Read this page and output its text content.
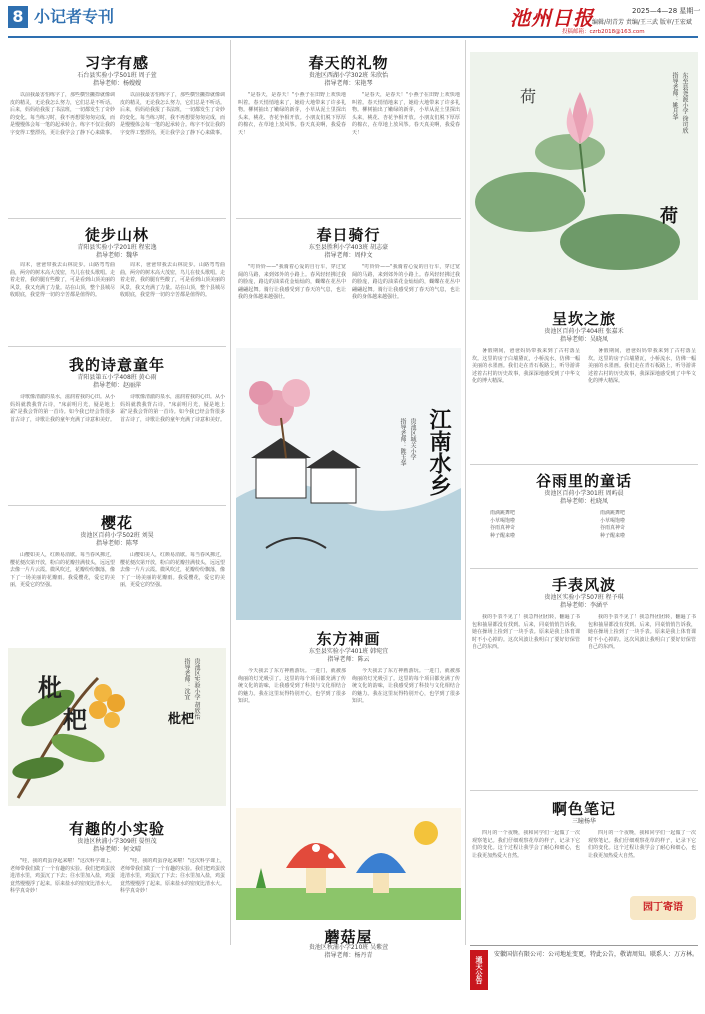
8 小记者专刊	池州日报	2025—4—28 星期一
编辑/胡青芳 责编/王三武 版审/王宏斌
投稿邮箱：czrb2018@163.com
习字有感
石台县实验小学501班 周子萱
指导老师：杨嫂嫂
以前我最害怕练字了，那些横竖撇捺就像调皮的精灵，无论我怎么努力，它们总是不听话。后来，妈妈给我报了书法班，一切都发生了奇妙的变化。每当练习时，我不再想要匆匆完成，而是慢慢体会每一笔的起承转合。练字不仅让我的字变得工整漂亮，更让我学会了静下心来做事。
以前我最害怕练字了，那些横竖撇捺就像调皮的精灵，无论我怎么努力，它们总是不听话。后来，妈妈给我报了书法班，一切都发生了奇妙的变化。每当练习时，我不再想要匆匆完成，而是慢慢体会每一笔的起承转合。练字不仅让我的字变得工整漂亮，更让我学会了静下心来做事。
徒步山林
青阳县实验小学201班 程宏逸
指导老师：魏华
周末，爸爸带我去山林徒步。山路弯弯曲曲，两旁的树木高大茂密，鸟儿在枝头歌唱。走着走着，我的腿有些酸了，可是看到山顶美丽的风景，我又充满了力量。站在山顶，整个县城尽收眼底，我觉得一切的辛苦都是值得的。
周末，爸爸带我去山林徒步。山路弯弯曲曲，两旁的树木高大茂密，鸟儿在枝头歌唱。走着走着，我的腿有些酸了，可是看到山顶美丽的风景，我又充满了力量。站在山顶，整个县城尽收眼底，我觉得一切的辛苦都是值得的。
我的诗意童年
青阳县第五小学408班 黄心雨
指导老师：赵丽萍
诗歌像清澈的泉水，滋润着我的心田。从小妈妈就教我背古诗，"床前明月光，疑是地上霜"是我会背的第一首诗。如今我已经会背很多首古诗了，诗歌让我的童年充满了诗意和美好。
诗歌像清澈的泉水，滋润着我的心田。从小妈妈就教我背古诗，"床前明月光，疑是地上霜"是我会背的第一首诗。如今我已经会背很多首古诗了，诗歌让我的童年充满了诗意和美好。
樱花
贵池区百荷小学502班 刘昊
指导老师：陈琴
山樱如美人，红颜易消歇。每当春风拂过，樱花便次第开放，粉白的花瓣挂满枝头，远远望去像一片片云霞。微风吹过，花瓣纷纷飘落，像下了一场美丽的花瓣雨。我爱樱花，爱它的美丽，更爱它的坚强。
山樱如美人，红颜易消歇。每当春风拂过，樱花便次第开放，粉白的花瓣挂满枝头，远远望去像一片片云霞。微风吹过，花瓣纷纷飘落，像下了一场美丽的花瓣雨。我爱樱花，爱它的美丽，更爱它的坚强。
枇
杷	枇杷
贵池区实验小学 胡欣怡
指导老师：沈宜
有趣的小实验
贵池区秋浦小学309班 晏恒茂
指导老师：何文晴
"哇，我的鸡蛋浮起来啦！"这次科学课上，老师带我们做了一个有趣的实验。我们把鸡蛋放进清水里，鸡蛋沉了下去；往水里加入盐，鸡蛋竟然慢慢浮了起来。原来盐水的密度比清水大。科学真奇妙！
"哇，我的鸡蛋浮起来啦！"这次科学课上，老师带我们做了一个有趣的实验。我们把鸡蛋放进清水里，鸡蛋沉了下去；往水里加入盐，鸡蛋竟然慢慢浮了起来。原来盐水的密度比清水大。科学真奇妙！
春天的礼物
贵池区西湖小学302班 朱欣怡
指导老师：宋艳琴
"是春天，是春天！"小燕子在田野上欢快地叫着。春天悄悄地来了，她给大地带来了许多礼物。柳树抽出了嫩绿的新芽，小草从泥土里探出头来，桃花、杏花争相开放。小朋友们脱下厚厚的棉衣，在草地上放风筝。春天真美啊，我爱春天！
"是春天，是春天！"小燕子在田野上欢快地叫着。春天悄悄地来了，她给大地带来了许多礼物。柳树抽出了嫩绿的新芽，小草从泥土里探出头来，桃花、杏花争相开放。小朋友们脱下厚厚的棉衣，在草地上放风筝。春天真美啊，我爱春天！
春日骑行
东至县胜利小学403班 胡志豪
指导老师：周仲文
"叮铃铃——"我骑着心爱的自行车，穿过宽阔的马路，来到郊外的小路上。春风轻轻拂过我的脸庞，路边的油菜花金灿灿的，蝴蝶在花丛中翩翩起舞。骑行让我感受到了春天的气息，也让我的身体越来越强壮。
"叮铃铃——"我骑着心爱的自行车，穿过宽阔的马路，来到郊外的小路上。春风轻轻拂过我的脸庞，路边的油菜花金灿灿的，蝴蝶在花丛中翩翩起舞。骑行让我感受到了春天的气息，也让我的身体越来越强壮。
江南水乡
贵池区城关小学
指导老师：陈玉华
东方神画
东至县实验小学401班 韩宛宜
指导老师：陈云
今天我去了东方神画游玩。一进门，就被那绚丽的灯光吸引了。这里的每个项目都充满了传统文化的韵味，让我感受到了科技与文化相结合的魅力。我在这里玩得特别开心，也学到了很多知识。
今天我去了东方神画游玩。一进门，就被那绚丽的灯光吸引了。这里的每个项目都充满了传统文化的韵味，让我感受到了科技与文化相结合的魅力。我在这里玩得特别开心，也学到了很多知识。
蘑菇屋
贵池区秋浦小学210班 吴紫萱
指导老师：杨丹青
荷
荷
东至县尧渡小学 徐可欣
指导老师：姚月华
呈坎之旅
贵池区百荷小学404班 张嘉禾
指导老师：吴晓凤
暑假期间，爸爸妈妈带我来到了古村落呈坎。这里的房子白墙黛瓦，小桥流水，仿佛一幅美丽的水墨画。我们走在青石板路上，听导游讲述着古村的历史故事，我深深地感受到了中华文化的博大精深。
暑假期间，爸爸妈妈带我来到了古村落呈坎。这里的房子白墙黛瓦，小桥流水，仿佛一幅美丽的水墨画。我们走在青石板路上，听导游讲述着古村的历史故事，我深深地感受到了中华文化的博大精深。
谷雨里的童话
贵池区百荷小学301班 周屿晨
指导老师：杜晓凤
雨滴跳舞吧
小草喝饱啦
谷雨真神奇
种子醒来啦
雨滴跳舞吧
小草喝饱啦
谷雨真神奇
种子醒来啦
手表风波
贵池区实验小学507班 程予琪
指导老师：李涵平
我的手表不见了！我急得团团转，翻遍了书包和抽屉都没有找到。后来，同桌悄悄告诉我，她在操场上捡到了一块手表。原来是我上体育课时不小心掉的。这次风波让我明白了要好好保管自己的东西。
我的手表不见了！我急得团团转，翻遍了书包和抽屉都没有找到。后来，同桌悄悄告诉我，她在操场上捡到了一块手表。原来是我上体育课时不小心掉的。这次风波让我明白了要好好保管自己的东西。
啊色笔记
三瞳杨华
四月的一个夜晚，我和同学们一起做了一次观察笔记。我们仔细观察花草的样子，记录下它们的变化。这个过程让我学会了耐心和细心，也让我更加热爱大自然。
四月的一个夜晚，我和同学们一起做了一次观察笔记。我们仔细观察花草的样子，记录下它们的变化。这个过程让我学会了耐心和细心，也让我更加热爱大自然。
园丁寄语
通天公告
安徽国信有限公司：公司地址变更，特此公告，敬请周知。联系人：万方林。
